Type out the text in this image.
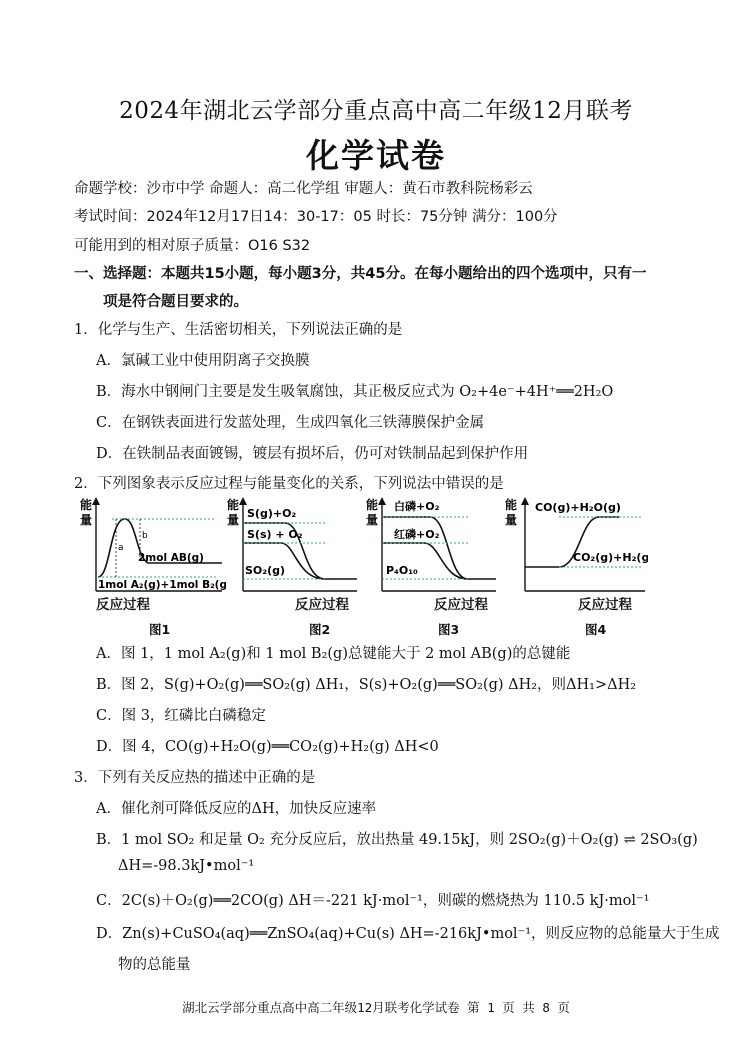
2024年湖北云学部分重点高中高二年级12月联考
化学试卷
命题学校：沙市中学 命题人：高二化学组 审题人：黄石市教科院杨彩云
考试时间：2024年12月17日14：30-17：05 时长：75分钟 满分：100分
可能用到的相对原子质量：O16 S32
一、选择题：本题共15小题，每小题3分，共45分。在每小题给出的四个选项中，只有一
项是符合题目要求的。
1．化学与生产、生活密切相关，下列说法正确的是
A．氯碱工业中使用阴离子交换膜
B．海水中钢闸门主要是发生吸氧腐蚀，其正极反应式为 O₂+4e⁻+4H⁺══2H₂O
C．在钢铁表面进行发蓝处理，生成四氧化三铁薄膜保护金属
D．在铁制品表面镀锡，镀层有损坏后，仍可对铁制品起到保护作用
2．下列图象表示反应过程与能量变化的关系，下列说法中错误的是
能
量
a
b
2mol AB(g)
1mol A₂(g)+1mol B₂(g)
反应过程
图1
能
量 S(g)+O₂
S(s) + O₂
SO₂(g)
反应过程
图2
能
量
白磷+O₂
红磷+O₂
P₄O₁₀
反应过程
图3
能
量
CO(g)+H₂O(g)
CO₂(g)+H₂(g)
反应过程
图4
A．图 1，1 mol A₂(g)和 1 mol B₂(g)总键能大于 2 mol AB(g)的总键能
B．图 2，S(g)+O₂(g)══SO₂(g) ΔH₁，S(s)+O₂(g)══SO₂(g) ΔH₂，则ΔH₁>ΔH₂
C．图 3，红磷比白磷稳定
D．图 4，CO(g)+H₂O(g)══CO₂(g)+H₂(g) ΔH<0
3．下列有关反应热的描述中正确的是
A．催化剂可降低反应的ΔH，加快反应速率
B．1 mol SO₂ 和足量 O₂ 充分反应后，放出热量 49.15kJ，则 2SO₂(g)＋O₂(g) ⇌ 2SO₃(g)
ΔH=-98.3kJ•mol⁻¹
C．2C(s)＋O₂(g)══2CO(g) ΔH＝-221 kJ·mol⁻¹，则碳的燃烧热为 110.5 kJ·mol⁻¹
D．Zn(s)+CuSO₄(aq)══ZnSO₄(aq)+Cu(s) ΔH=-216kJ•mol⁻¹，则反应物的总能量大于生成
物的总能量
湖北云学部分重点高中高二年级12月联考化学试卷 第 1 页 共 8 页
